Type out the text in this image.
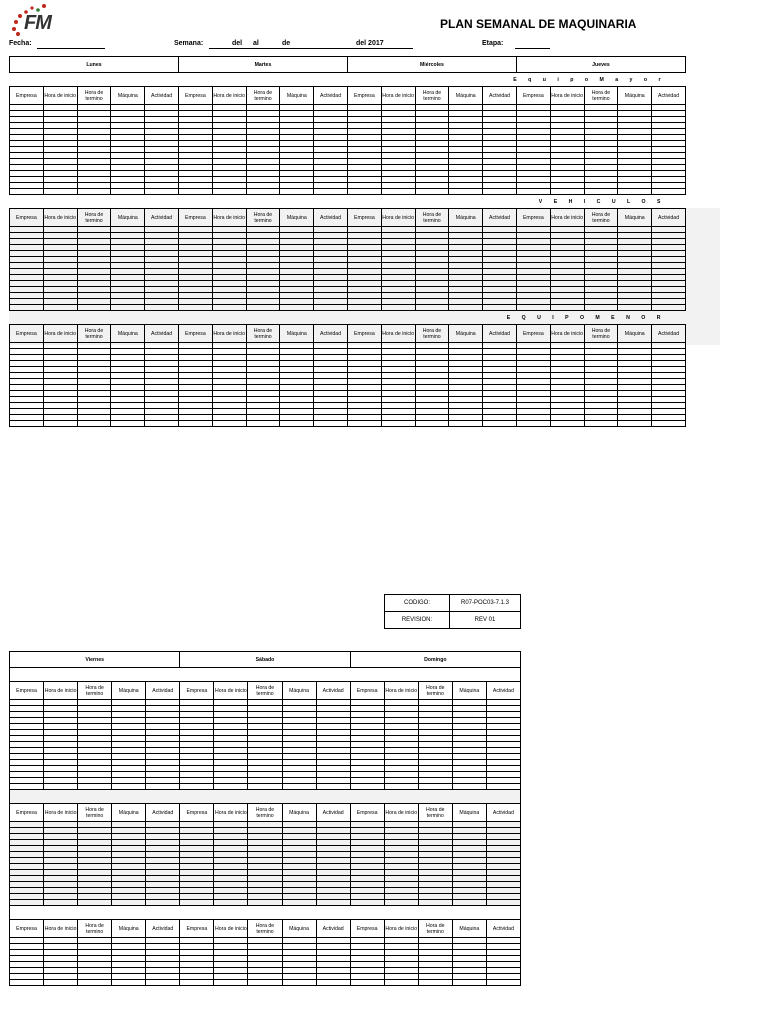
FM	PLAN SEMANAL DE MAQUINARIA
Fecha:	Semana:	del al	de	del 2017	Etapa:
Lunes					Martes					Miércoles					Jueves				
E q u i p o M a y o r																			
Empresa	Hora de inicio	Hora de termino	Máquina	Actividad	Empresa	Hora de inicio	Hora de termino	Máquina	Actividad	Empresa	Hora de inicio	Hora de termino	Máquina	Actividad	Empresa	Hora de inicio	Hora de termino	Máquina	Actividad

V E H I C U L O S																			
Empresa	Hora de inicio	Hora de termino	Máquina	Actividad	Empresa	Hora de inicio	Hora de termino	Máquina	Actividad	Empresa	Hora de inicio	Hora de termino	Máquina	Actividad	Empresa	Hora de inicio	Hora de termino	Máquina	Actividad

E Q U I P O M E N O R																			
Empresa	Hora de inicio	Hora de termino	Máquina	Actividad	Empresa	Hora de inicio	Hora de termino	Máquina	Actividad	Empresa	Hora de inicio	Hora de termino	Máquina	Actividad	Empresa	Hora de inicio	Hora de termino	Máquina	Actividad

CODIGO:	R07-POC03-7.1.3
REVISION:	REV 01
Viernes					Sábado					Domingo				

Empresa	Hora de inicio	Hora de termino	Máquina	Actividad	Empresa	Hora de inicio	Hora de termino	Máquina	Actividad	Empresa	Hora de inicio	Hora de termino	Máquina	Actividad

Empresa	Hora de inicio	Hora de termino	Máquina	Actividad	Empresa	Hora de inicio	Hora de termino	Máquina	Actividad	Empresa	Hora de inicio	Hora de termino	Máquina	Actividad

Empresa	Hora de inicio	Hora de termino	Máquina	Actividad	Empresa	Hora de inicio	Hora de termino	Máquina	Actividad	Empresa	Hora de inicio	Hora de termino	Máquina	Actividad
